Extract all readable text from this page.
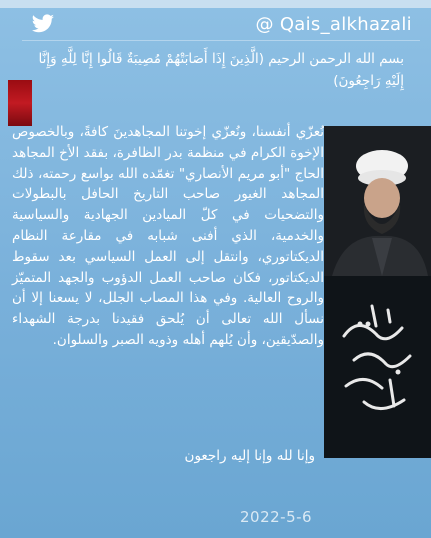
@ Qais_alkhazali
بسم الله الرحمن الرحيم (الَّذِينَ إِذَا أَصَابَتْهُمْ مُصِيبَةٌ قَالُوا إِنَّا لِلَّهِ وَإِنَّا إِلَيْهِ رَاجِعُونَ)

نُعزّي أنفسنا، ونُعزّي إخوتنا المجاهدينَ كافةً، وبالخصوص الإخوة الكرام في منظمة بدر الظافرة، بفقد الأخ المجاهد الحاج "أبو مريم الأنصاري" تغمّده الله بواسع رحمته، ذلك المجاهد الغيور صاحب التاريخ الحافل بالبطولات والتضحيات في كلّ الميادين الجهادية والسياسية والخدمية، الذي أفنى شبابه في مقارعة النظام الديكتاتوري، وانتقل إلى العمل السياسي بعد سقوط الديكتاتور، فكان صاحب العمل الدؤوب والجهد المتميّز والروح العالية. وفي هذا المصاب الجلل، لا يسعنا إلا أن نسأل الله تعالى أن يُلحق فقيدنا بدرجة الشهداء والصدّيقين، وأن يُلهم أهله وذويه الصبر والسلوان.

وإنا لله وإنا إليه راجعون
2022-5-6
